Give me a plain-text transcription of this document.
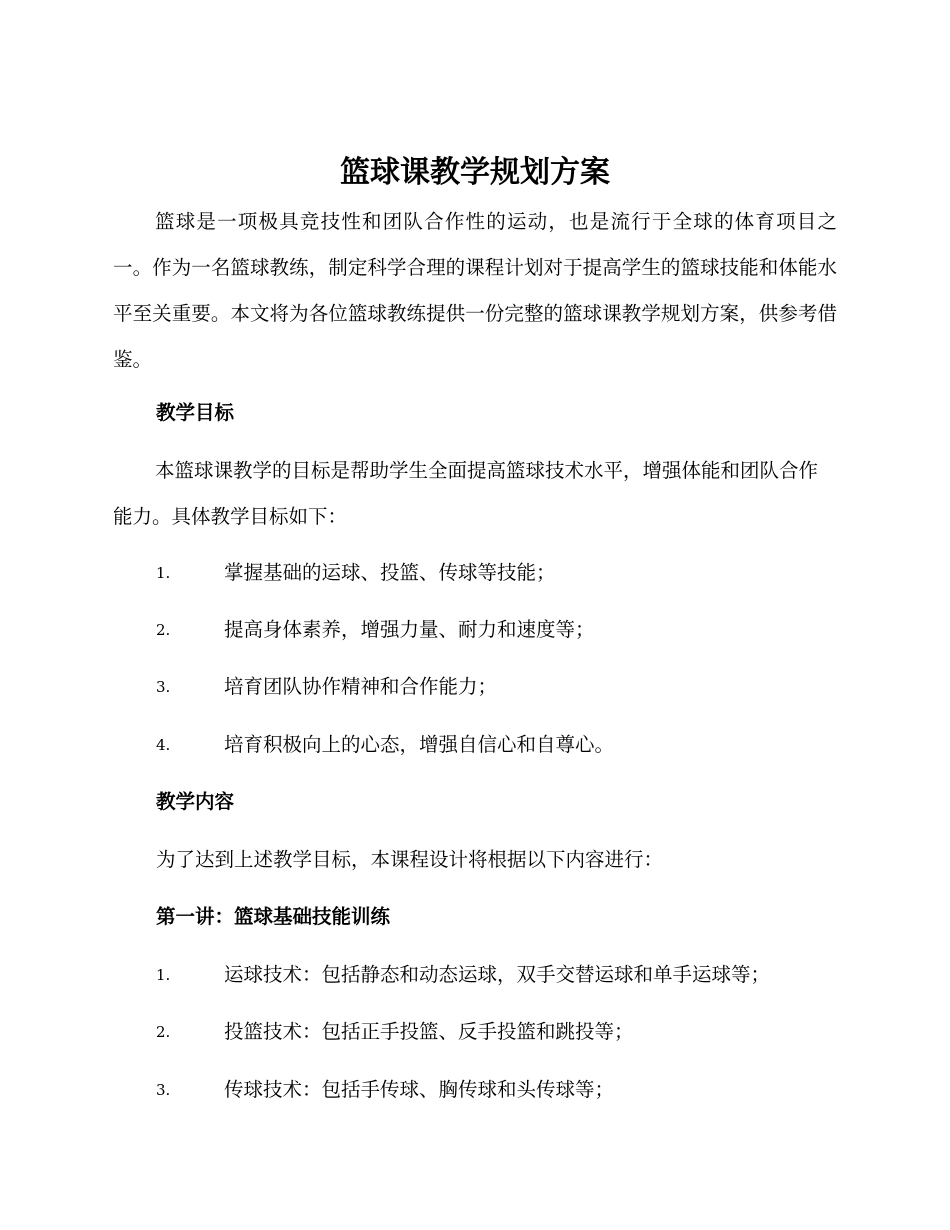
篮球课教学规划方案

篮球是一项极具竞技性和团队合作性的运动，也是流行于全球的体育项目之一。作为一名篮球教练，制定科学合理的课程计划对于提高学生的篮球技能和体能水平至关重要。本文将为各位篮球教练提供一份完整的篮球课教学规划方案，供参考借鉴。

教学目标

本篮球课教学的目标是帮助学生全面提高篮球技术水平，增强体能和团队合作能力。具体教学目标如下：

1.	掌握基础的运球、投篮、传球等技能；
2.	提高身体素养，增强力量、耐力和速度等；
3.	培育团队协作精神和合作能力；
4.	培育积极向上的心态，增强自信心和自尊心。

教学内容

为了达到上述教学目标，本课程设计将根据以下内容进行：

第一讲：篮球基础技能训练

1.	运球技术：包括静态和动态运球，双手交替运球和单手运球等；
2.	投篮技术：包括正手投篮、反手投篮和跳投等；
3.	传球技术：包括手传球、胸传球和头传球等；
